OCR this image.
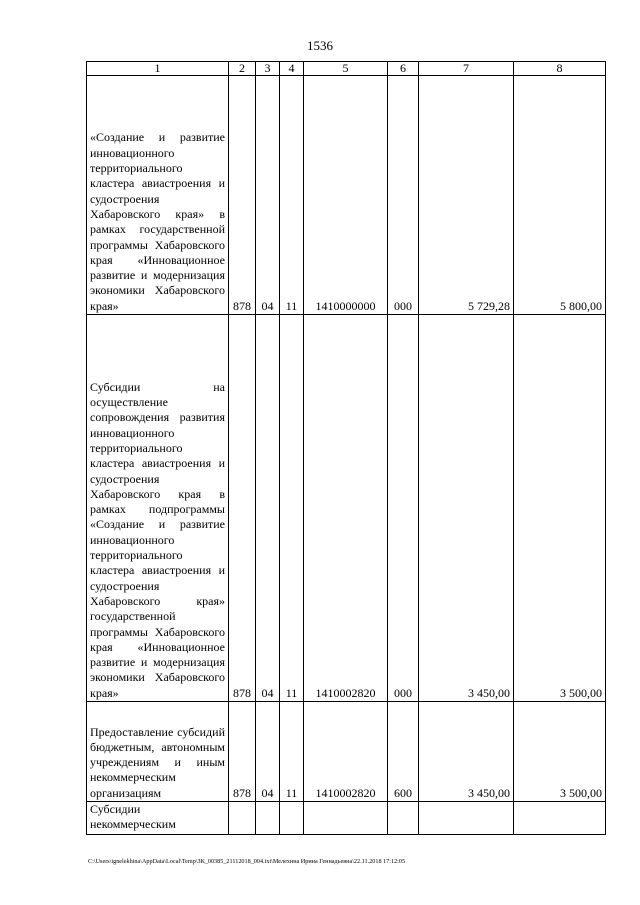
1536
1	2	3	4	5	6	7	8
«Создание и развитие инновационного территориального кластера авиастроения и судостроения Хабаровского края» в рамках государственной программы Хабаровского края «Инновационное развитие и модернизация экономики Хабаровского края»	878	04	11	1410000000	000	5 729,28	5 800,00
Субсидии на осуществление сопровождения развития инновационного территориального кластера авиастроения и судостроения Хабаровского края в рамках подпрограммы «Создание и развитие инновационного территориального кластера авиастроения и судостроения Хабаровского края» государственной программы Хабаровского края «Инновационное развитие и модернизация экономики Хабаровского края»	878	04	11	1410002820	000	3 450,00	3 500,00
Предоставление субсидий бюджетным, автономным учреждениям и иным некоммерческим организациям	878	04	11	1410002820	600	3 450,00	3 500,00
Субсидии некоммерческим							
C:\Users\ignelekhina\AppData\Local\Temp\ЗК_00385_21112018_004.txt\Мелехина Ирина Геннадьевна\22.11.2018 17:12:05
